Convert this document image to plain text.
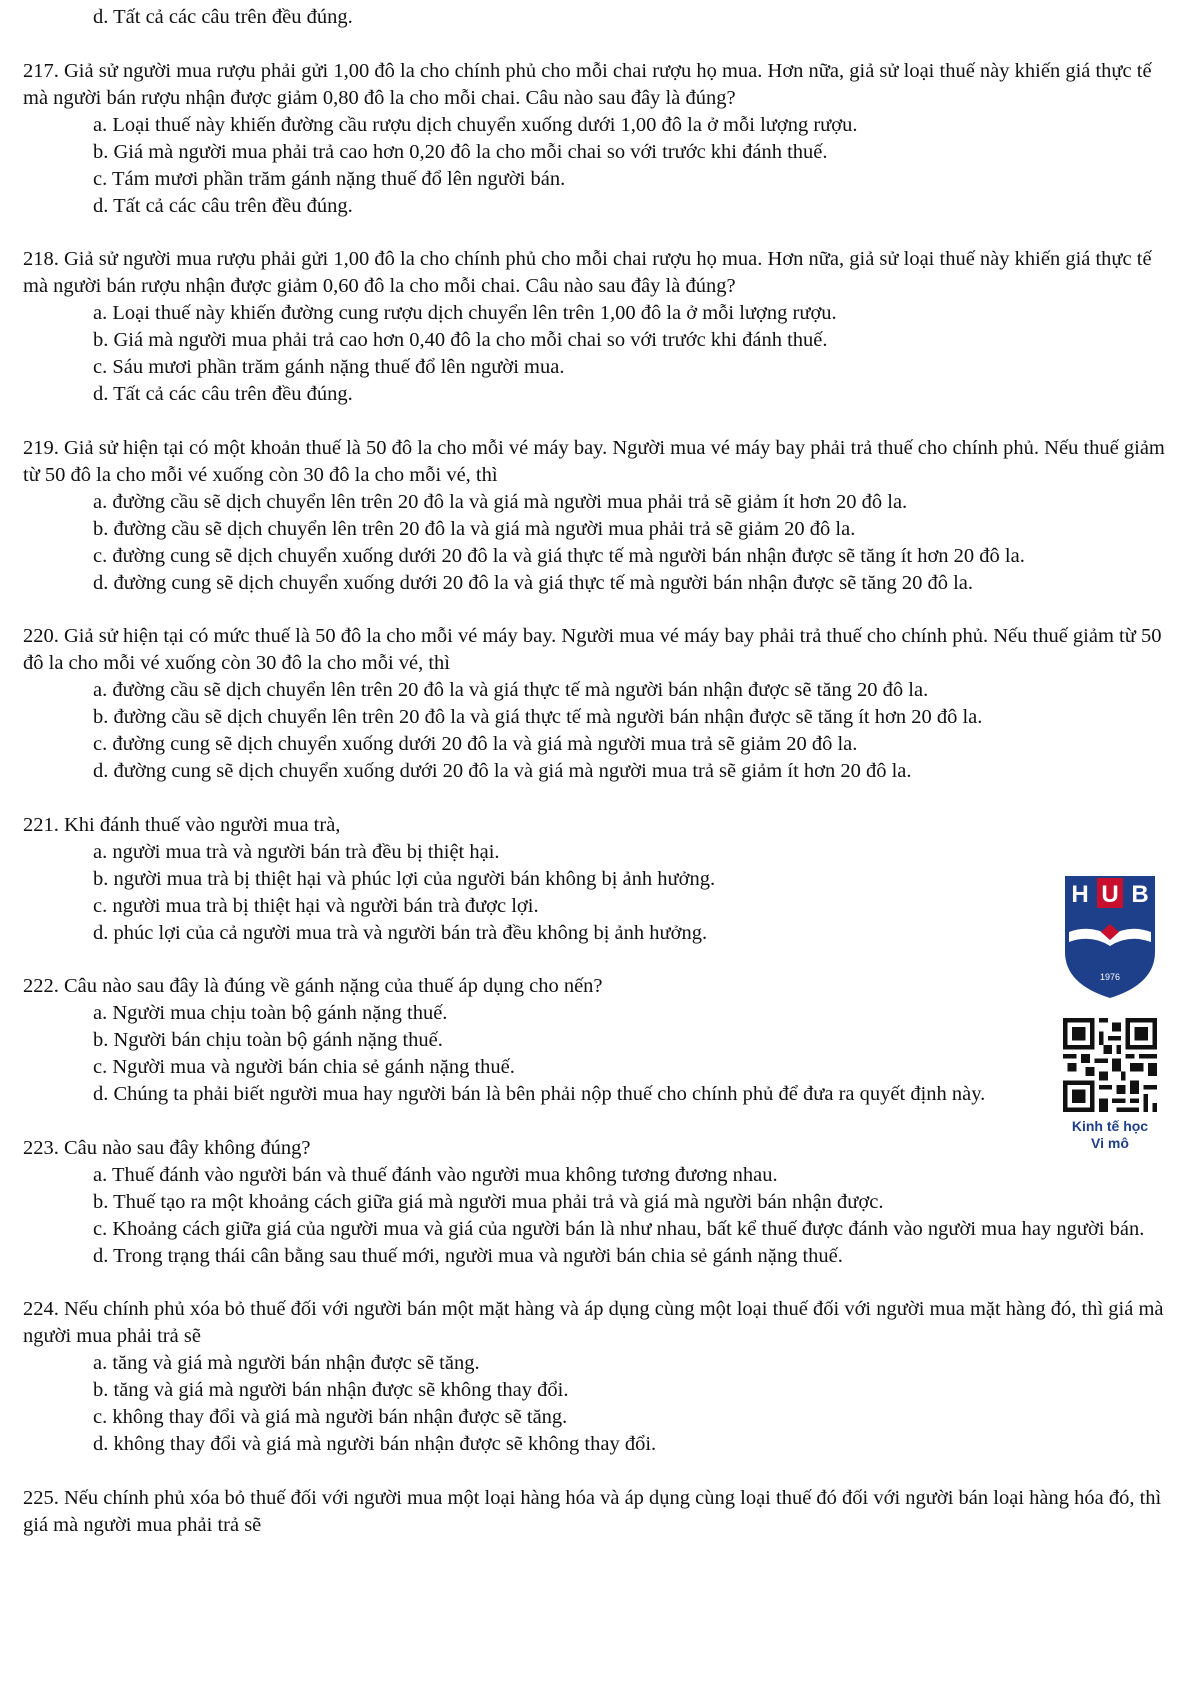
d. Tất cả các câu trên đều đúng.

217. Giả sử người mua rượu phải gửi 1,00 đô la cho chính phủ cho mỗi chai rượu họ mua. Hơn nữa, giả sử loại thuế này khiến giá thực tế mà người bán rượu nhận được giảm 0,80 đô la cho mỗi chai. Câu nào sau đây là đúng?

a. Loại thuế này khiến đường cầu rượu dịch chuyển xuống dưới 1,00 đô la ở mỗi lượng rượu.

b. Giá mà người mua phải trả cao hơn 0,20 đô la cho mỗi chai so với trước khi đánh thuế.

c. Tám mươi phần trăm gánh nặng thuế đổ lên người bán.

d. Tất cả các câu trên đều đúng.

218. Giả sử người mua rượu phải gửi 1,00 đô la cho chính phủ cho mỗi chai rượu họ mua. Hơn nữa, giả sử loại thuế này khiến giá thực tế mà người bán rượu nhận được giảm 0,60 đô la cho mỗi chai. Câu nào sau đây là đúng?

a. Loại thuế này khiến đường cung rượu dịch chuyển lên trên 1,00 đô la ở mỗi lượng rượu.

b. Giá mà người mua phải trả cao hơn 0,40 đô la cho mỗi chai so với trước khi đánh thuế.

c. Sáu mươi phần trăm gánh nặng thuế đổ lên người mua.

d. Tất cả các câu trên đều đúng.

219. Giả sử hiện tại có một khoản thuế là 50 đô la cho mỗi vé máy bay. Người mua vé máy bay phải trả thuế cho chính phủ. Nếu thuế giảm từ 50 đô la cho mỗi vé xuống còn 30 đô la cho mỗi vé, thì

a. đường cầu sẽ dịch chuyển lên trên 20 đô la và giá mà người mua phải trả sẽ giảm ít hơn 20 đô la.

b. đường cầu sẽ dịch chuyển lên trên 20 đô la và giá mà người mua phải trả sẽ giảm 20 đô la.

c. đường cung sẽ dịch chuyển xuống dưới 20 đô la và giá thực tế mà người bán nhận được sẽ tăng ít hơn 20 đô la.

d. đường cung sẽ dịch chuyển xuống dưới 20 đô la và giá thực tế mà người bán nhận được sẽ tăng 20 đô la.

220. Giả sử hiện tại có mức thuế là 50 đô la cho mỗi vé máy bay. Người mua vé máy bay phải trả thuế cho chính phủ. Nếu thuế giảm từ 50 đô la cho mỗi vé xuống còn 30 đô la cho mỗi vé, thì

a. đường cầu sẽ dịch chuyển lên trên 20 đô la và giá thực tế mà người bán nhận được sẽ tăng 20 đô la.

b. đường cầu sẽ dịch chuyển lên trên 20 đô la và giá thực tế mà người bán nhận được sẽ tăng ít hơn 20 đô la.

c. đường cung sẽ dịch chuyển xuống dưới 20 đô la và giá mà người mua trả sẽ giảm 20 đô la.

d. đường cung sẽ dịch chuyển xuống dưới 20 đô la và giá mà người mua trả sẽ giảm ít hơn 20 đô la.

221. Khi đánh thuế vào người mua trà,

a. người mua trà và người bán trà đều bị thiệt hại.

b. người mua trà bị thiệt hại và phúc lợi của người bán không bị ảnh hưởng.

c. người mua trà bị thiệt hại và người bán trà được lợi.

d. phúc lợi của cả người mua trà và người bán trà đều không bị ảnh hưởng.

222. Câu nào sau đây là đúng về gánh nặng của thuế áp dụng cho nến?

a. Người mua chịu toàn bộ gánh nặng thuế.

b. Người bán chịu toàn bộ gánh nặng thuế.

c. Người mua và người bán chia sẻ gánh nặng thuế.

d. Chúng ta phải biết người mua hay người bán là bên phải nộp thuế cho chính phủ để đưa ra quyết định này.

223. Câu nào sau đây không đúng?

a. Thuế đánh vào người bán và thuế đánh vào người mua không tương đương nhau.

b. Thuế tạo ra một khoảng cách giữa giá mà người mua phải trả và giá mà người bán nhận được.

c. Khoảng cách giữa giá của người mua và giá của người bán là như nhau, bất kể thuế được đánh vào người mua hay người bán.

d. Trong trạng thái cân bằng sau thuế mới, người mua và người bán chia sẻ gánh nặng thuế.

224. Nếu chính phủ xóa bỏ thuế đối với người bán một mặt hàng và áp dụng cùng một loại thuế đối với người mua mặt hàng đó, thì giá mà người mua phải trả sẽ

a. tăng và giá mà người bán nhận được sẽ tăng.

b. tăng và giá mà người bán nhận được sẽ không thay đổi.

c. không thay đổi và giá mà người bán nhận được sẽ tăng.

d. không thay đổi và giá mà người bán nhận được sẽ không thay đổi.

225. Nếu chính phủ xóa bỏ thuế đối với người mua một loại hàng hóa và áp dụng cùng loại thuế đó đối với người bán loại hàng hóa đó, thì giá mà người mua phải trả sẽ

H U B
1976
Kinh tế học
Vi mô
